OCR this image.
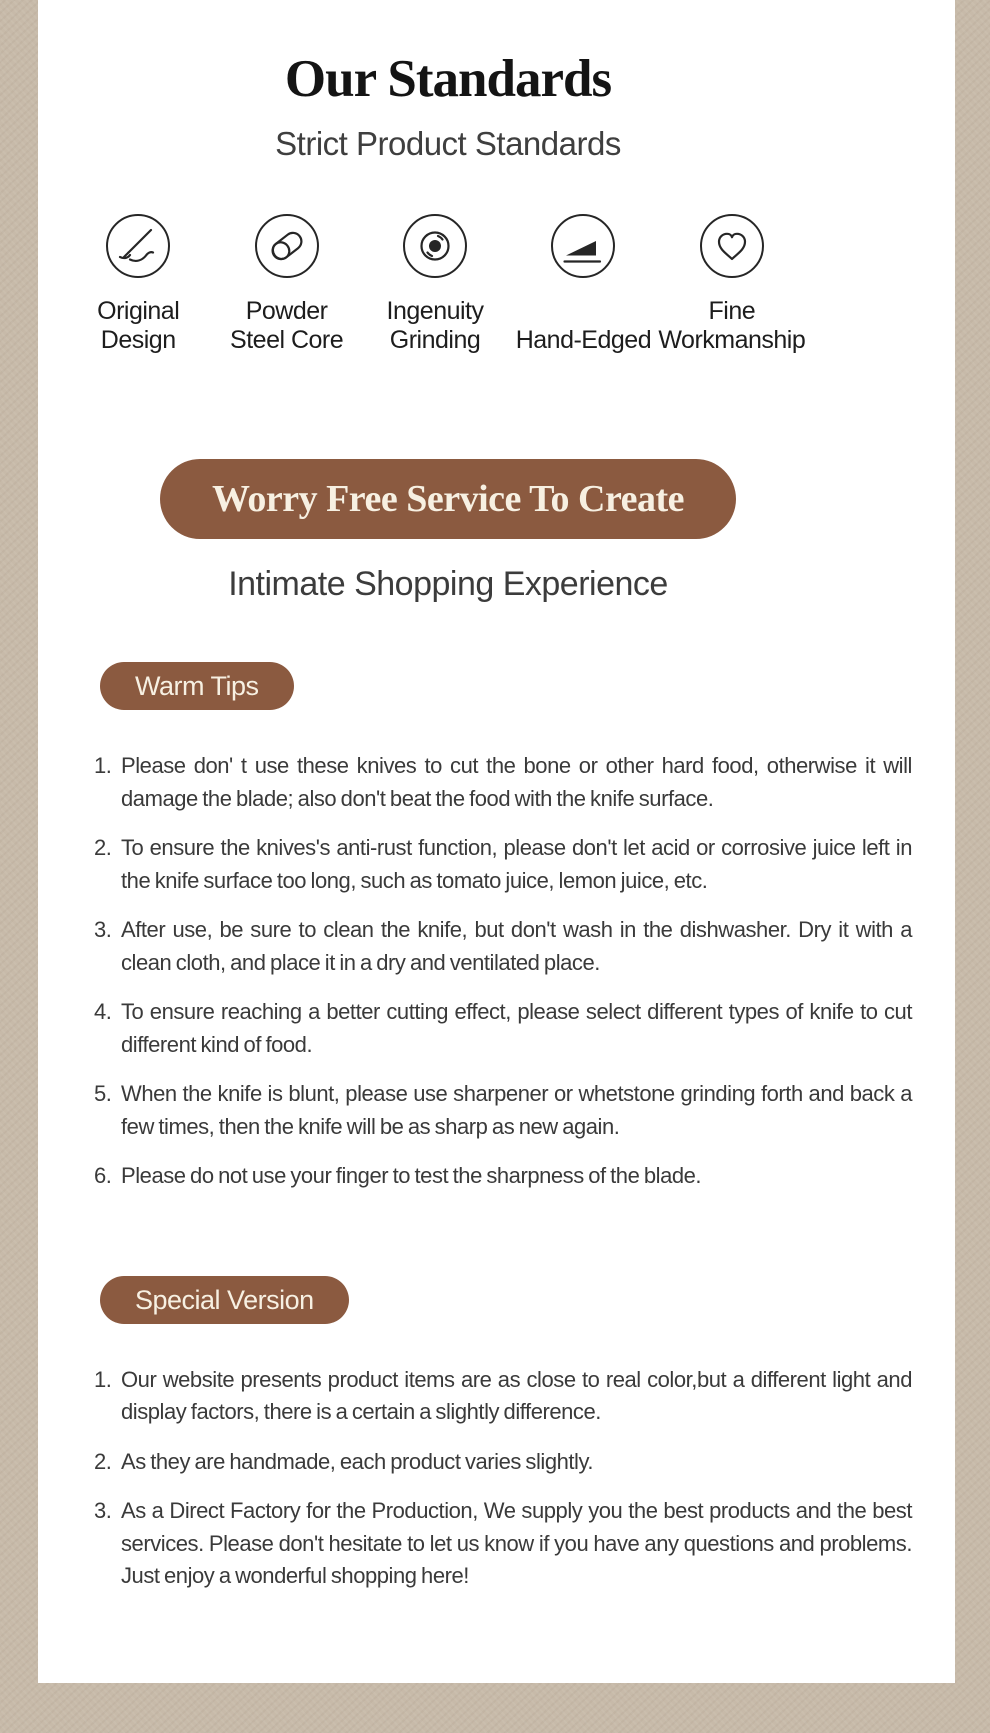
Our Standards
Strict Product Standards
Original
Design
Powder
Steel Core
Ingenuity
Grinding Hand-Edged
Fine
Workmanship
Worry Free Service To Create
Intimate Shopping Experience
Warm Tips
1. Please don' t use these knives to cut the bone or other hard food, otherwise it will damage the blade; also don't beat the food with the knife surface.
2. To ensure the knives's anti-rust function, please don't let acid or corrosive juice left in the knife surface too long, such as tomato juice, lemon juice, etc.
3. After use, be sure to clean the knife, but don't wash in the dishwasher. Dry it with a clean cloth, and place it in a dry and ventilated place.
4. To ensure reaching a better cutting effect, please select different types of knife to cut different kind of food.
5. When the knife is blunt, please use sharpener or whetstone grinding forth and back a few times, then the knife will be as sharp as new again.
6. Please do not use your finger to test the sharpness of the blade.
Special Version
1. Our website presents product items are as close to real color,but a different light and display factors, there is a certain a slightly difference.
2. As they are handmade, each product varies slightly.
3. As a Direct Factory for the Production, We supply you the best products and the best services. Please don't hesitate to let us know if you have any questions and problems. Just enjoy a wonderful shopping here!
